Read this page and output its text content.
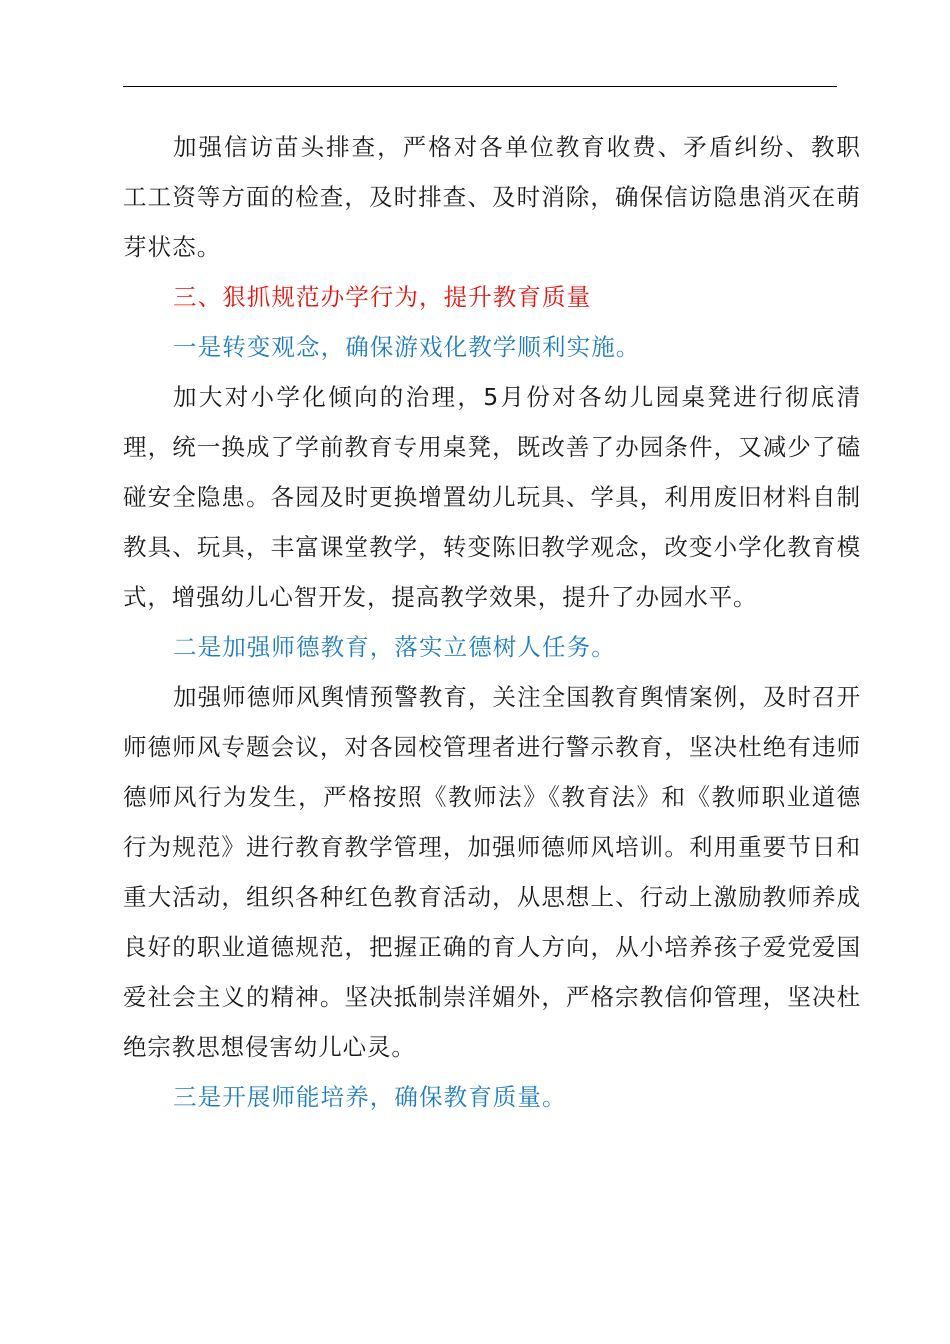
加强信访苗头排查，严格对各单位教育收费、矛盾纠纷、教职工工资等方面的检查，及时排查、及时消除，确保信访隐患消灭在萌芽状态。

三、狠抓规范办学行为，提升教育质量

一是转变观念，确保游戏化教学顺利实施。

加大对小学化倾向的治理，5月份对各幼儿园桌凳进行彻底清理，统一换成了学前教育专用桌凳，既改善了办园条件，又减少了磕碰安全隐患。各园及时更换增置幼儿玩具、学具，利用废旧材料自制教具、玩具，丰富课堂教学，转变陈旧教学观念，改变小学化教育模式，增强幼儿心智开发，提高教学效果，提升了办园水平。

二是加强师德教育，落实立德树人任务。

加强师德师风舆情预警教育，关注全国教育舆情案例，及时召开师德师风专题会议，对各园校管理者进行警示教育，坚决杜绝有违师德师风行为发生，严格按照《教师法》《教育法》和《教师职业道德行为规范》进行教育教学管理，加强师德师风培训。利用重要节日和重大活动，组织各种红色教育活动，从思想上、行动上激励教师养成良好的职业道德规范，把握正确的育人方向，从小培养孩子爱党爱国爱社会主义的精神。坚决抵制崇洋媚外，严格宗教信仰管理，坚决杜绝宗教思想侵害幼儿心灵。

三是开展师能培养，确保教育质量。
